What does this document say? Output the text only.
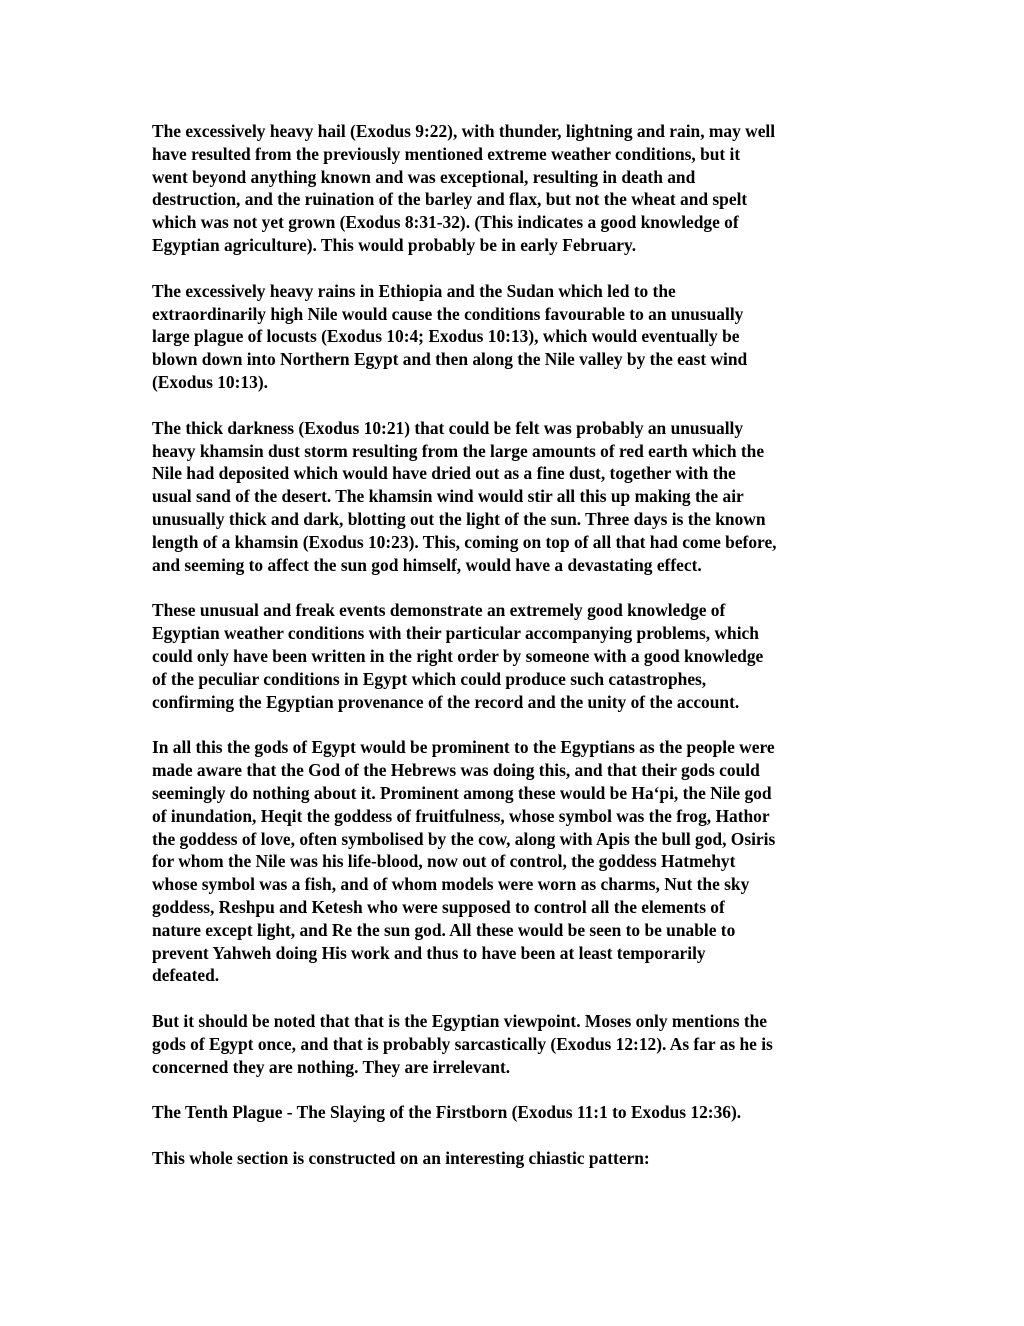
The excessively heavy hail (Exodus 9:22), with thunder, lightning and rain, may well
have resulted from the previously mentioned extreme weather conditions, but it
went beyond anything known and was exceptional, resulting in death and
destruction, and the ruination of the barley and flax, but not the wheat and spelt
which was not yet grown (Exodus 8:31-32). (This indicates a good knowledge of
Egyptian agriculture). This would probably be in early February.
The excessively heavy rains in Ethiopia and the Sudan which led to the
extraordinarily high Nile would cause the conditions favourable to an unusually
large plague of locusts (Exodus 10:4; Exodus 10:13), which would eventually be
blown down into Northern Egypt and then along the Nile valley by the east wind
(Exodus 10:13).
The thick darkness (Exodus 10:21) that could be felt was probably an unusually
heavy khamsin dust storm resulting from the large amounts of red earth which the
Nile had deposited which would have dried out as a fine dust, together with the
usual sand of the desert. The khamsin wind would stir all this up making the air
unusually thick and dark, blotting out the light of the sun. Three days is the known
length of a khamsin (Exodus 10:23). This, coming on top of all that had come before,
and seeming to affect the sun god himself, would have a devastating effect.
These unusual and freak events demonstrate an extremely good knowledge of
Egyptian weather conditions with their particular accompanying problems, which
could only have been written in the right order by someone with a good knowledge
of the peculiar conditions in Egypt which could produce such catastrophes,
confirming the Egyptian provenance of the record and the unity of the account.
In all this the gods of Egypt would be prominent to the Egyptians as the people were
made aware that the God of the Hebrews was doing this, and that their gods could
seemingly do nothing about it. Prominent among these would be Ha‘pi, the Nile god
of inundation, Heqit the goddess of fruitfulness, whose symbol was the frog, Hathor
the goddess of love, often symbolised by the cow, along with Apis the bull god, Osiris
for whom the Nile was his life-blood, now out of control, the goddess Hatmehyt
whose symbol was a fish, and of whom models were worn as charms, Nut the sky
goddess, Reshpu and Ketesh who were supposed to control all the elements of
nature except light, and Re the sun god. All these would be seen to be unable to
prevent Yahweh doing His work and thus to have been at least temporarily
defeated.
But it should be noted that that is the Egyptian viewpoint. Moses only mentions the
gods of Egypt once, and that is probably sarcastically (Exodus 12:12). As far as he is
concerned they are nothing. They are irrelevant.
The Tenth Plague - The Slaying of the Firstborn (Exodus 11:1 to Exodus 12:36).
This whole section is constructed on an interesting chiastic pattern:
